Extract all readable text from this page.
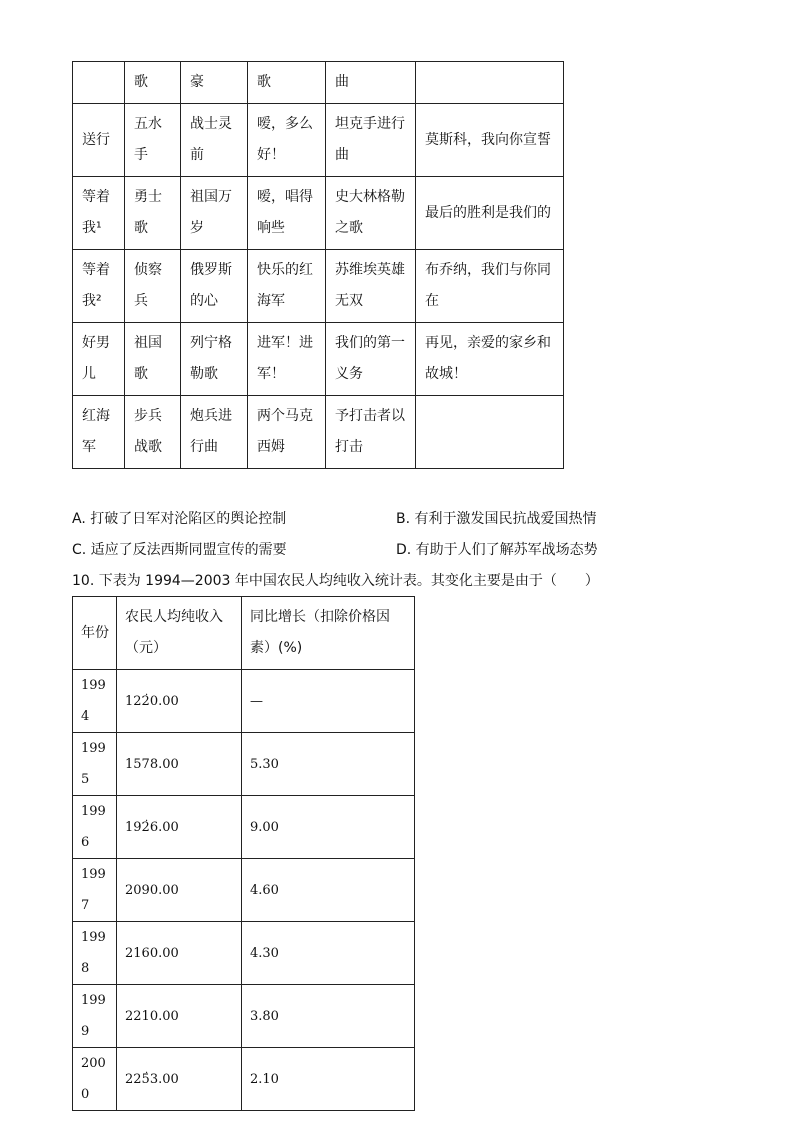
	歌	豪	歌	曲	
送行	五水手	战士灵前	嗳，多么好！	坦克手进行曲	莫斯科，我向你宣誓
等着我¹	勇士歌	祖国万岁	嗳，唱得响些	史大林格勒之歌	最后的胜利是我们的
等着我²	侦察兵	俄罗斯的心	快乐的红海军	苏维埃英雄无双	布乔纳，我们与你同在
好男儿	祖国歌	列宁格勒歌	进军！进军！	我们的第一义务	再见，亲爱的家乡和故城！
红海军	步兵战歌	炮兵进行曲	两个马克西姆	予打击者以打击	
A. 打破了日军对沦陷区的舆论控制	B. 有利于激发国民抗战爱国热情
C. 适应了反法西斯同盟宣传的需要	D. 有助于人们了解苏军战场态势
10. 下表为 1994—2003 年中国农民人均纯收入统计表。其变化主要是由于（　　）
年份	农民人均纯收入（元）	同比增长（扣除价格因素）(%)
1994	1220.00 ·	—
1995	1578.00	5.30
1996	1926.00 ·	9.00
1997	2090.00	4.60
1998	2160.00	4.30
1999	2210.00	3.80
2000	2253.00 ·	2.10
